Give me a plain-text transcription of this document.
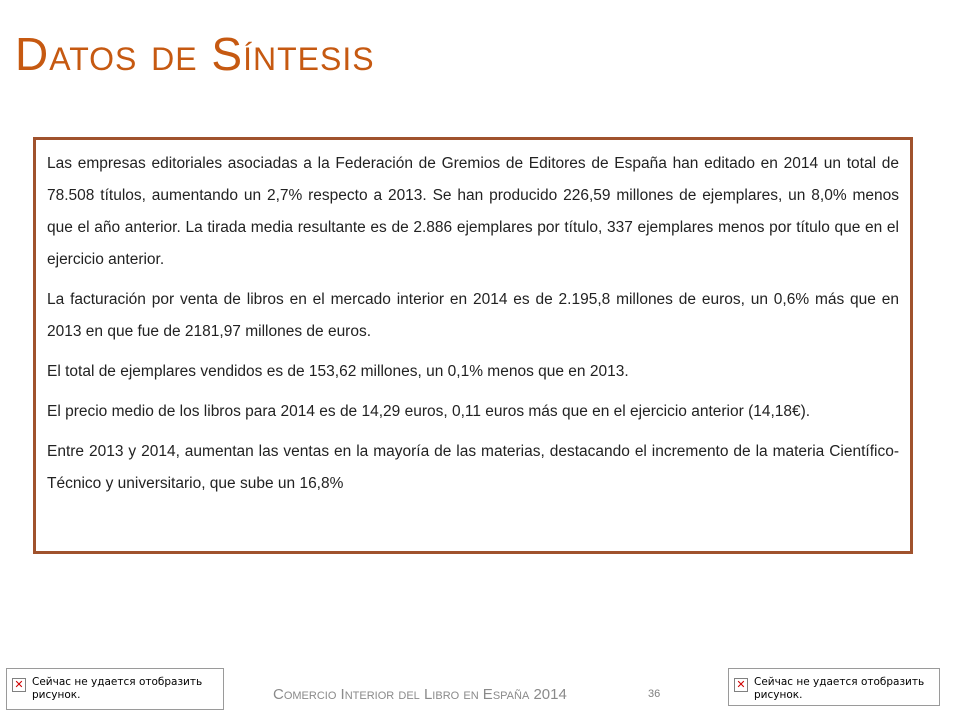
Datos de Síntesis

Las empresas editoriales asociadas a la Federación de Gremios de Editores de España han editado en 2014 un total de 78.508 títulos, aumentando un 2,7% respecto a 2013. Se han producido 226,59 millones de ejemplares, un 8,0% menos que el año anterior. La tirada media resultante es de 2.886 ejemplares por título, 337 ejemplares menos por título que en el ejercicio anterior.

La facturación por venta de libros en el mercado interior en 2014 es de 2.195,8 millones de euros, un 0,6% más que en 2013 en que fue de 2181,97 millones de euros.

El total de ejemplares vendidos es de 153,62 millones, un 0,1% menos que en 2013.

El precio medio de los libros para 2014 es de 14,29 euros, 0,11 euros más que en el ejercicio anterior (14,18€).

Entre 2013 y 2014, aumentan las ventas en la mayoría de las materias, destacando el incremento de la materia Científico-Técnico y universitario, que sube un 16,8%

✕ Сейчас не удается отобразить рисунок.	Comercio Interior del Libro en España 2014	36
✕ Сейчас не удается отобразить рисунок.
